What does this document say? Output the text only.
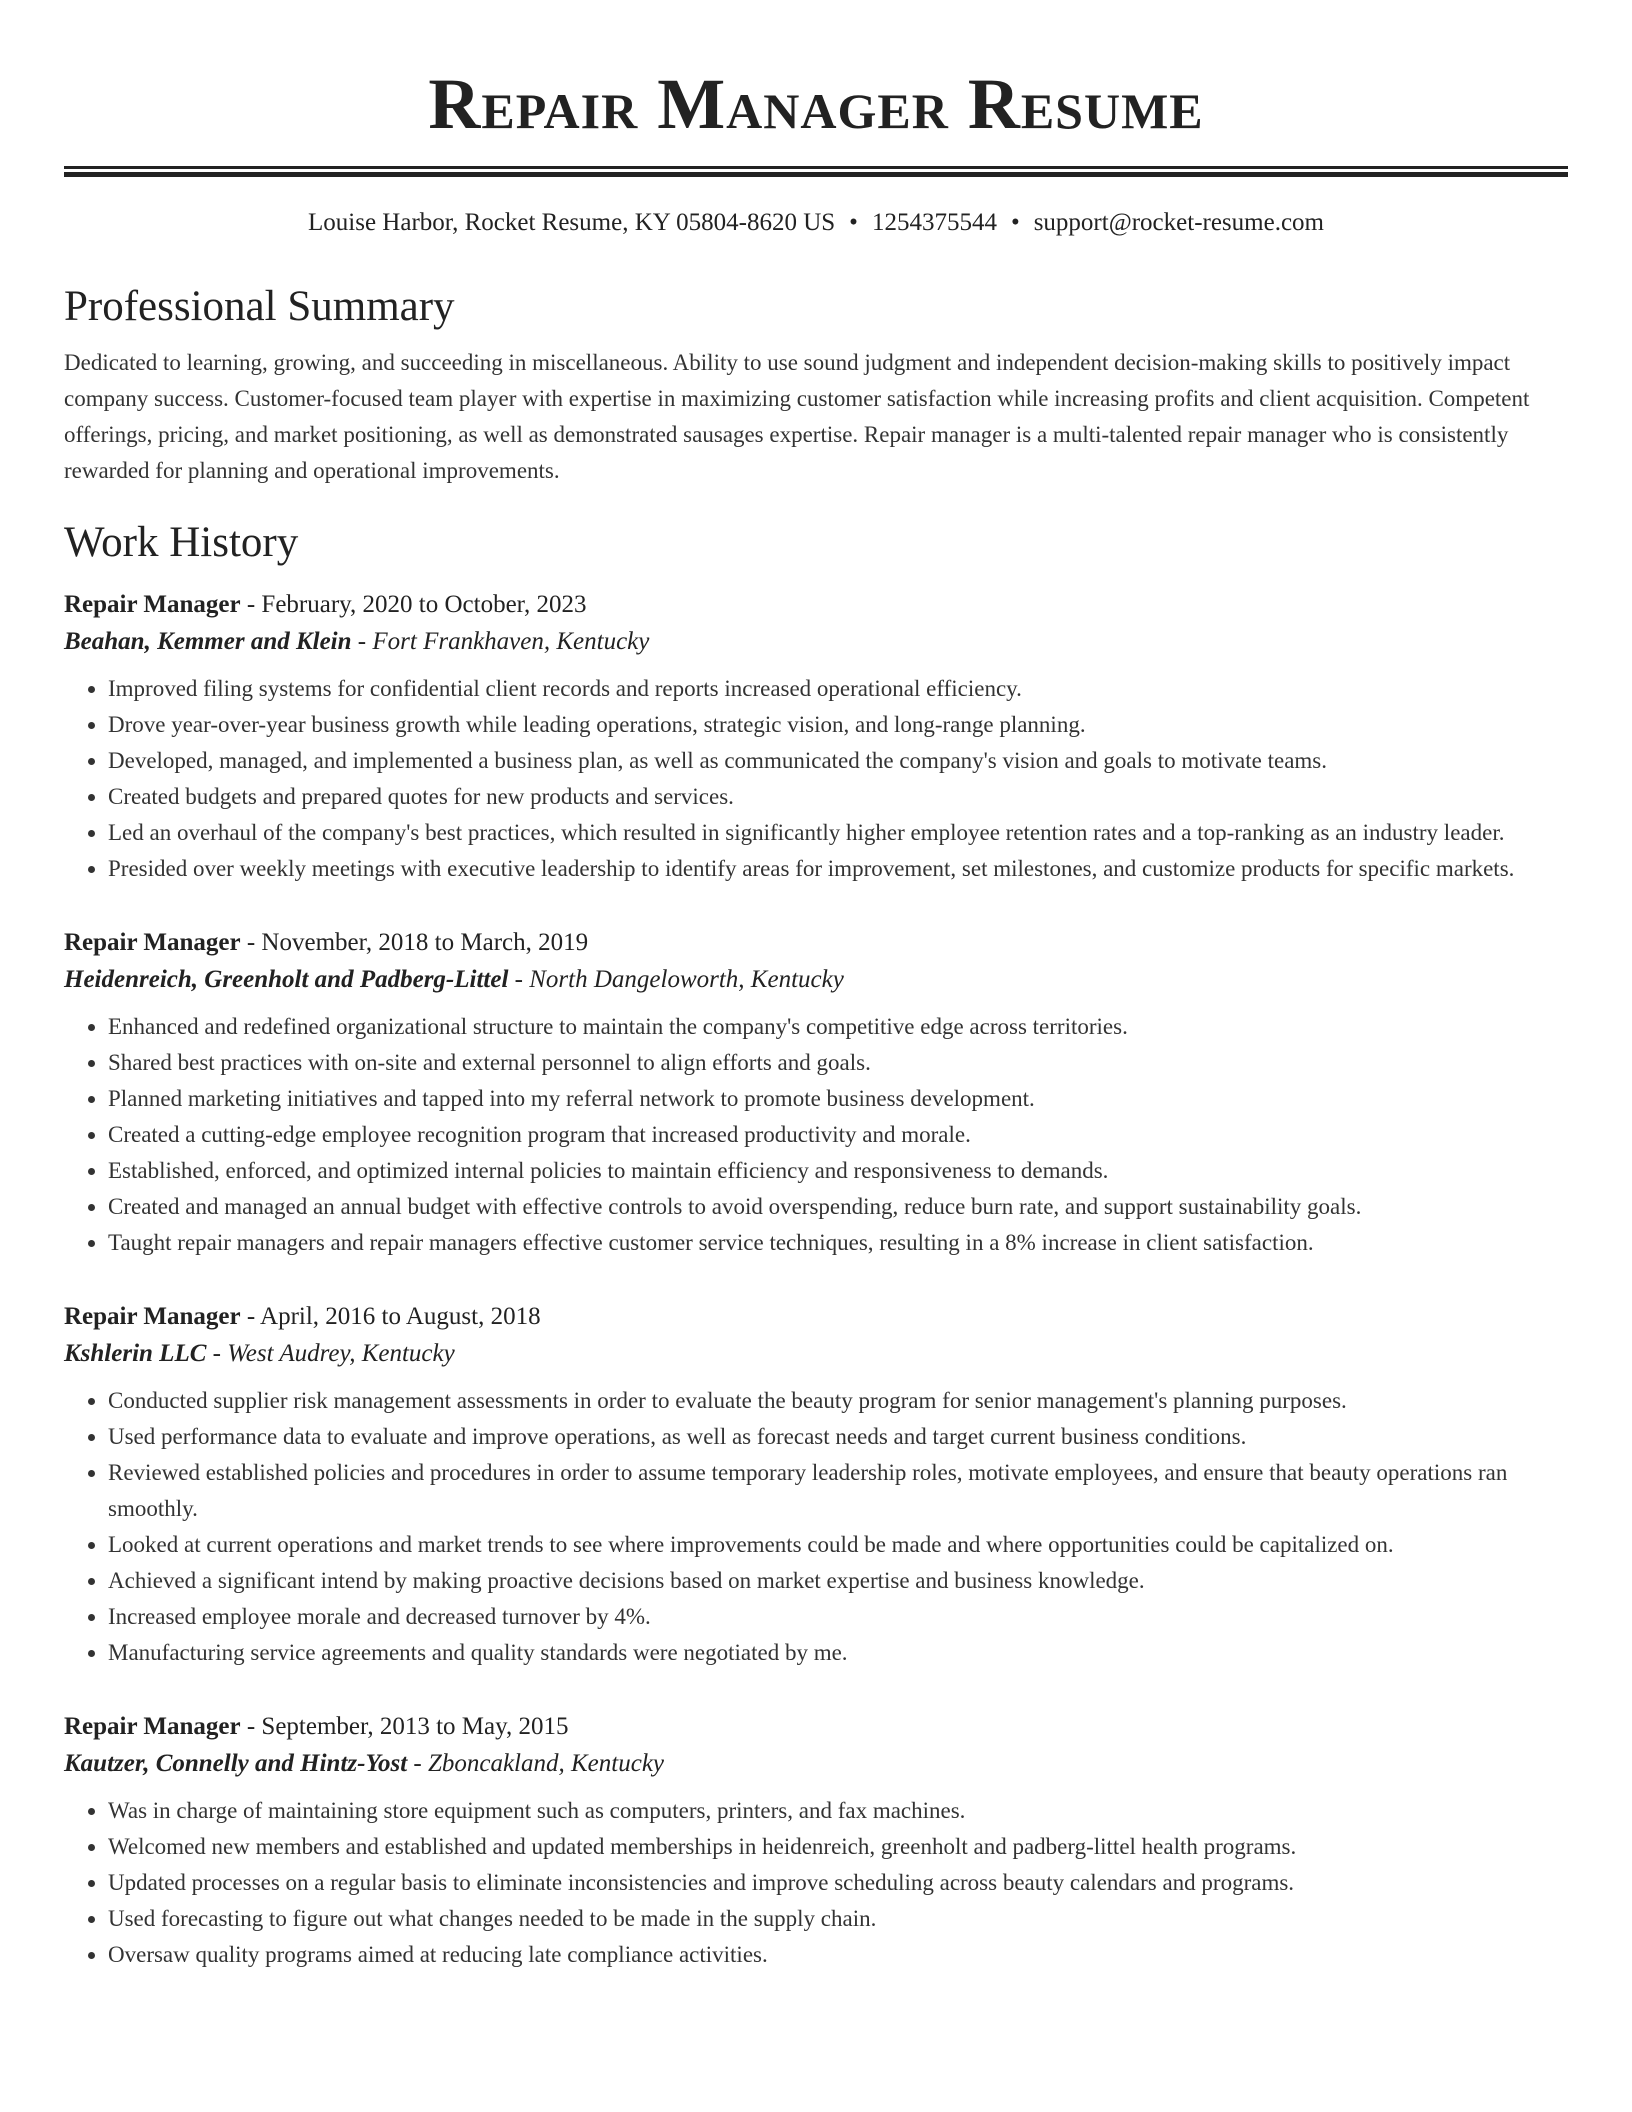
Repair Manager Resume
Louise Harbor, Rocket Resume, KY 05804-8620 US • 1254375544 • support@rocket-resume.com
Professional Summary

Dedicated to learning, growing, and succeeding in miscellaneous. Ability to use sound judgment and independent decision-making skills to positively impact company success. Customer-focused team player with expertise in maximizing customer satisfaction while increasing profits and client acquisition. Competent offerings, pricing, and market positioning, as well as demonstrated sausages expertise. Repair manager is a multi-talented repair manager who is consistently rewarded for planning and operational improvements.

Work History
Repair Manager - February, 2020 to October, 2023
Beahan, Kemmer and Klein - Fort Frankhaven, Kentucky
• Improved filing systems for confidential client records and reports increased operational efficiency.
• Drove year-over-year business growth while leading operations, strategic vision, and long-range planning.
• Developed, managed, and implemented a business plan, as well as communicated the company's vision and goals to motivate teams.
• Created budgets and prepared quotes for new products and services.
• Led an overhaul of the company's best practices, which resulted in significantly higher employee retention rates and a top-ranking as an industry leader.
• Presided over weekly meetings with executive leadership to identify areas for improvement, set milestones, and customize products for specific markets.
Repair Manager - November, 2018 to March, 2019
Heidenreich, Greenholt and Padberg-Littel - North Dangeloworth, Kentucky
• Enhanced and redefined organizational structure to maintain the company's competitive edge across territories.
• Shared best practices with on-site and external personnel to align efforts and goals.
• Planned marketing initiatives and tapped into my referral network to promote business development.
• Created a cutting-edge employee recognition program that increased productivity and morale.
• Established, enforced, and optimized internal policies to maintain efficiency and responsiveness to demands.
• Created and managed an annual budget with effective controls to avoid overspending, reduce burn rate, and support sustainability goals.
• Taught repair managers and repair managers effective customer service techniques, resulting in a 8% increase in client satisfaction.
Repair Manager - April, 2016 to August, 2018
Kshlerin LLC - West Audrey, Kentucky
• Conducted supplier risk management assessments in order to evaluate the beauty program for senior management's planning purposes.
• Used performance data to evaluate and improve operations, as well as forecast needs and target current business conditions.
• Reviewed established policies and procedures in order to assume temporary leadership roles, motivate employees, and ensure that beauty operations ran smoothly.
• Looked at current operations and market trends to see where improvements could be made and where opportunities could be capitalized on.
• Achieved a significant intend by making proactive decisions based on market expertise and business knowledge.
• Increased employee morale and decreased turnover by 4%.
• Manufacturing service agreements and quality standards were negotiated by me.
Repair Manager - September, 2013 to May, 2015
Kautzer, Connelly and Hintz-Yost - Zboncakland, Kentucky
• Was in charge of maintaining store equipment such as computers, printers, and fax machines.
• Welcomed new members and established and updated memberships in heidenreich, greenholt and padberg-littel health programs.
• Updated processes on a regular basis to eliminate inconsistencies and improve scheduling across beauty calendars and programs.
• Used forecasting to figure out what changes needed to be made in the supply chain.
• Oversaw quality programs aimed at reducing late compliance activities.
